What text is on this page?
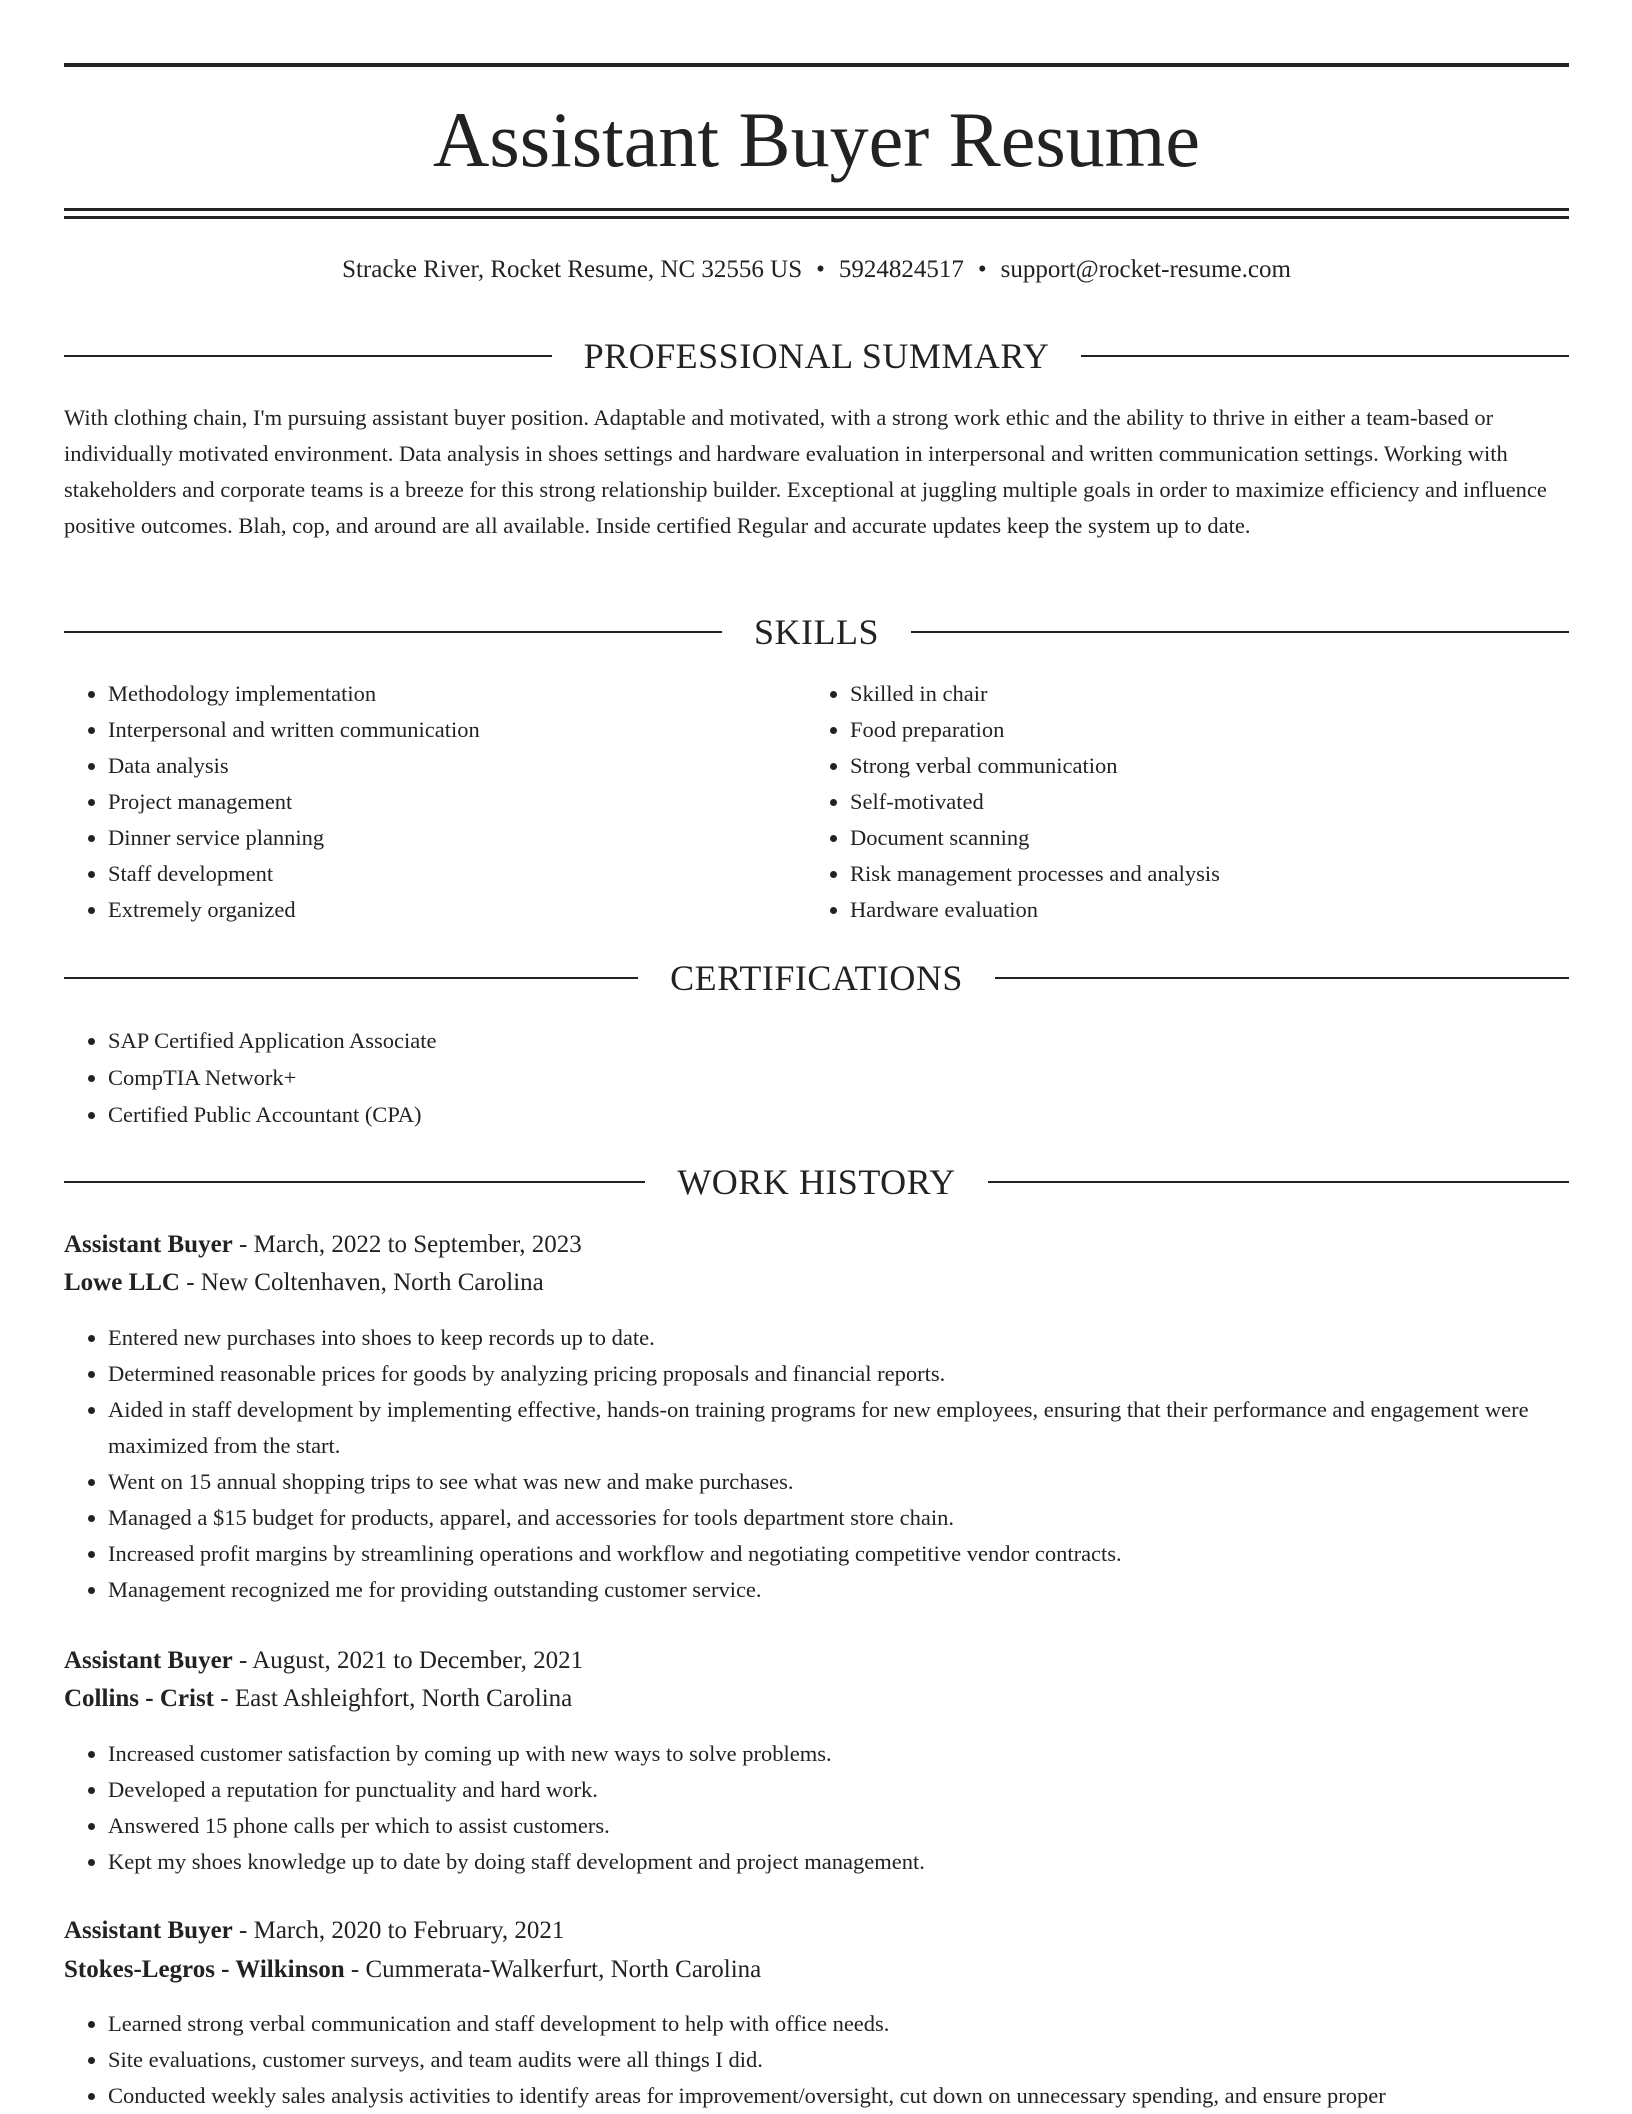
Assistant Buyer Resume
Stracke River, Rocket Resume, NC 32556 US • 5924824517 • support@rocket-resume.com
PROFESSIONAL SUMMARY

With clothing chain, I'm pursuing assistant buyer position. Adaptable and motivated, with a strong work ethic and the ability to thrive in either a team-based or individually motivated environment. Data analysis in shoes settings and hardware evaluation in interpersonal and written communication settings. Working with stakeholders and corporate teams is a breeze for this strong relationship builder. Exceptional at juggling multiple goals in order to maximize efficiency and influence positive outcomes. Blah, cop, and around are all available. Inside certified Regular and accurate updates keep the system up to date.

SKILLS
• Methodology implementation
• Interpersonal and written communication
• Data analysis
• Project management
• Dinner service planning
• Staff development
• Extremely organized
• Skilled in chair
• Food preparation
• Strong verbal communication
• Self-motivated
• Document scanning
• Risk management processes and analysis
• Hardware evaluation
CERTIFICATIONS
• SAP Certified Application Associate
• CompTIA Network+
• Certified Public Accountant (CPA)
WORK HISTORY
Assistant Buyer - March, 2022 to September, 2023
Lowe LLC - New Coltenhaven, North Carolina
• Entered new purchases into shoes to keep records up to date.
• Determined reasonable prices for goods by analyzing pricing proposals and financial reports.
• Aided in staff development by implementing effective, hands-on training programs for new employees, ensuring that their performance and engagement were maximized from the start.
• Went on 15 annual shopping trips to see what was new and make purchases.
• Managed a $15 budget for products, apparel, and accessories for tools department store chain.
• Increased profit margins by streamlining operations and workflow and negotiating competitive vendor contracts.
• Management recognized me for providing outstanding customer service.
Assistant Buyer - August, 2021 to December, 2021
Collins - Crist - East Ashleighfort, North Carolina
• Increased customer satisfaction by coming up with new ways to solve problems.
• Developed a reputation for punctuality and hard work.
• Answered 15 phone calls per which to assist customers.
• Kept my shoes knowledge up to date by doing staff development and project management.
Assistant Buyer - March, 2020 to February, 2021
Stokes-Legros - Wilkinson - Cummerata-Walkerfurt, North Carolina
• Learned strong verbal communication and staff development to help with office needs.
• Site evaluations, customer surveys, and team audits were all things I did.
• Conducted weekly sales analysis activities to identify areas for improvement/oversight, cut down on unnecessary spending, and ensure proper
